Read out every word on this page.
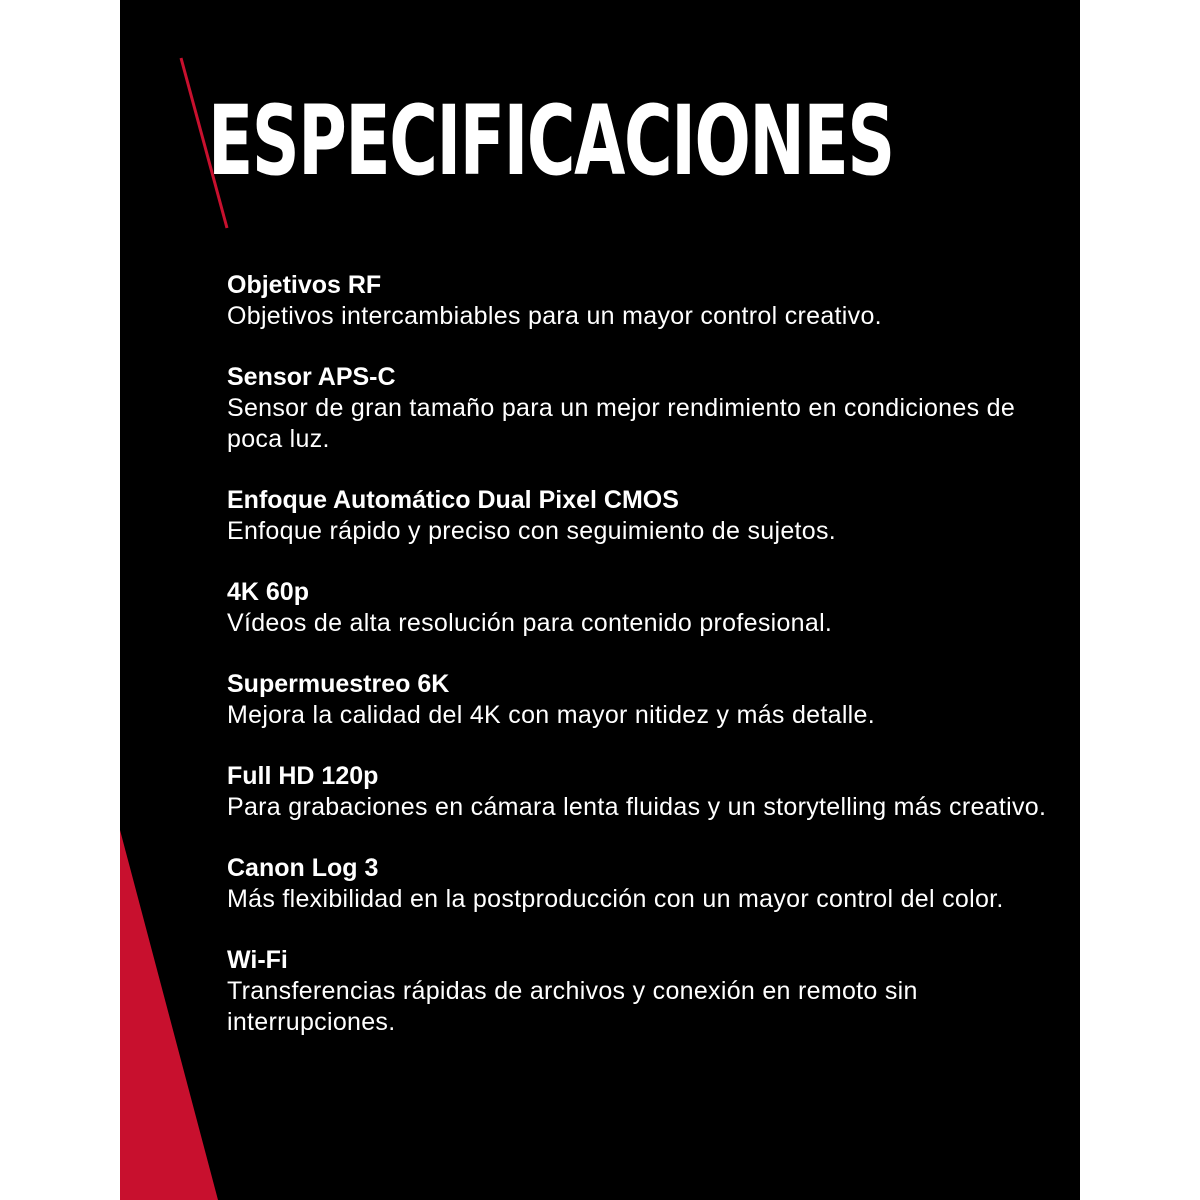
ESPECIFICACIONES
Objetivos RF
Objetivos intercambiables para un mayor control creativo.
Sensor APS-C
Sensor de gran tamaño para un mejor rendimiento en condiciones de poca luz.
Enfoque Automático Dual Pixel CMOS
Enfoque rápido y preciso con seguimiento de sujetos.
4K 60p
Vídeos de alta resolución para contenido profesional.
Supermuestreo 6K
Mejora la calidad del 4K con mayor nitidez y más detalle.
Full HD 120p
Para grabaciones en cámara lenta fluidas y un storytelling más creativo.
Canon Log 3
Más flexibilidad en la postproducción con un mayor control del color.
Wi-Fi
Transferencias rápidas de archivos y conexión en remoto sin interrupciones.
